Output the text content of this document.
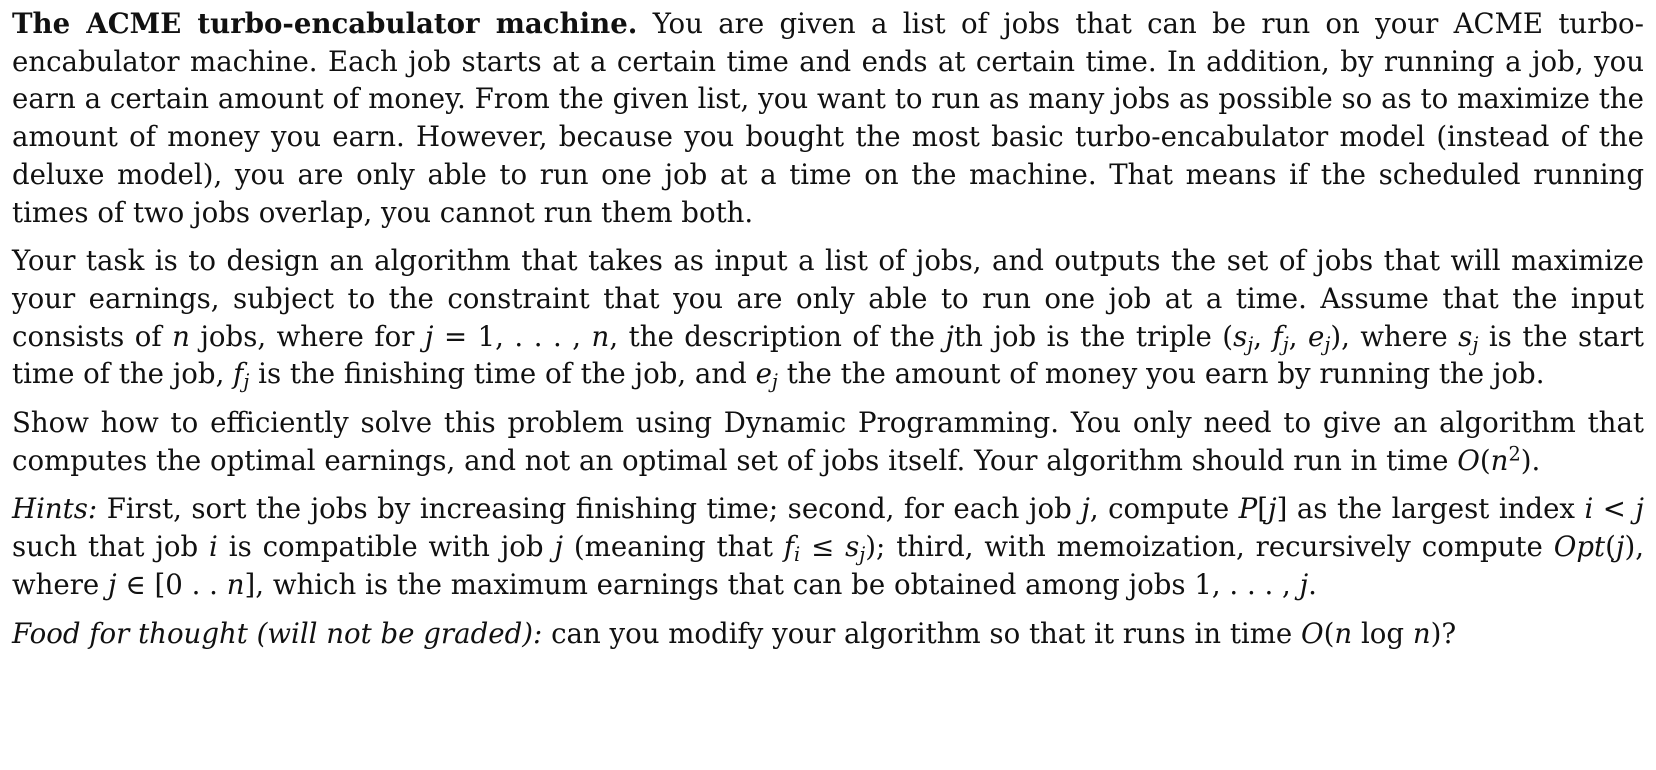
The ACME turbo-encabulator machine. You are given a list of jobs that can be run on your ACME turbo-encabulator machine. Each job starts at a certain time and ends at certain time. In addition, by running a job, you earn a certain amount of money. From the given list, you want to run as many jobs as possible so as to maximize the amount of money you earn. However, because you bought the most basic turbo-encabulator model (instead of the deluxe model), you are only able to run one job at a time on the machine. That means if the scheduled running times of two jobs overlap, you cannot run them both.

Your task is to design an algorithm that takes as input a list of jobs, and outputs the set of jobs that will maximize your earnings, subject to the constraint that you are only able to run one job at a time. Assume that the input consists of n jobs, where for j = 1, . . . , n, the description of the jth job is the triple ($s_j$, $f_j$, $e_j$), where $s_j$ is the start time of the job, $f_j$ is the finishing time of the job, and $e_j$ the the amount of money you earn by running the job.

Show how to efficiently solve this problem using Dynamic Programming. You only need to give an algorithm that computes the optimal earnings, and not an optimal set of jobs itself. Your algorithm should run in time $O(n^2)$.

Hints: First, sort the jobs by increasing finishing time; second, for each job j, compute P[j] as the largest index i < j such that job i is compatible with job j (meaning that $f_i \le s_j$); third, with memoization, recursively compute Opt(j), where j ∈ [0 . . n], which is the maximum earnings that can be obtained among jobs 1, . . . , j.

Food for thought (will not be graded): can you modify your algorithm so that it runs in time O(n log n)?
